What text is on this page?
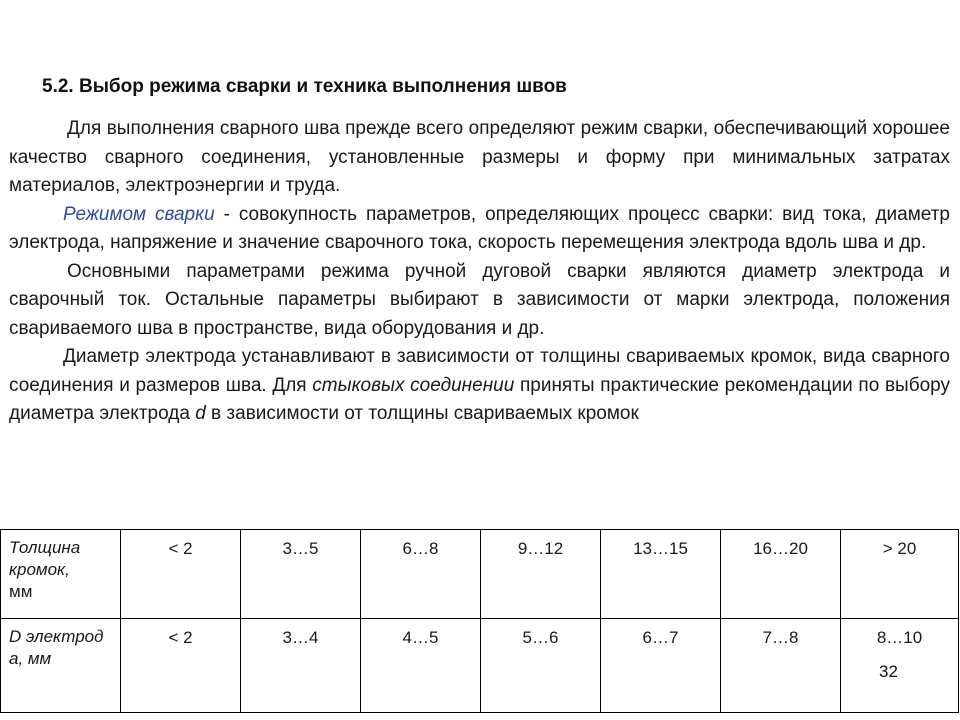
5.2. Выбор режима сварки и техника выполнения швов

Для выполнения сварного шва прежде всего определяют режим сварки, обеспечивающий хорошее качество сварного соединения, установленные размеры и форму при минимальных затратах материалов, электроэнергии и труда.

Режимом сварки - совокупность параметров, определяющих процесс сварки: вид тока, диаметр электрода, напряжение и значение сварочного тока, скорость перемещения электрода вдоль шва и др.

Основными параметрами режима ручной дуговой сварки являются диаметр электрода и сварочный ток. Остальные параметры выбирают в зависимости от марки электрода, положения свариваемого шва в пространстве, вида оборудования и др.

Диаметр электрода устанавливают в зависимости от толщины свариваемых кромок, вида сварного соединения и размеров шва. Для стыковых соединении приняты практические рекомендации по выбору диаметра электрода d в зависимости от толщины свариваемых кромок

Толщина кромок,
мм	< 2	3…5	6…8	9…12	13…15	16…20	> 20
D электрод
а, мм	< 2	3…4	4…5	5…6	6…7	7…8	8…10
32
